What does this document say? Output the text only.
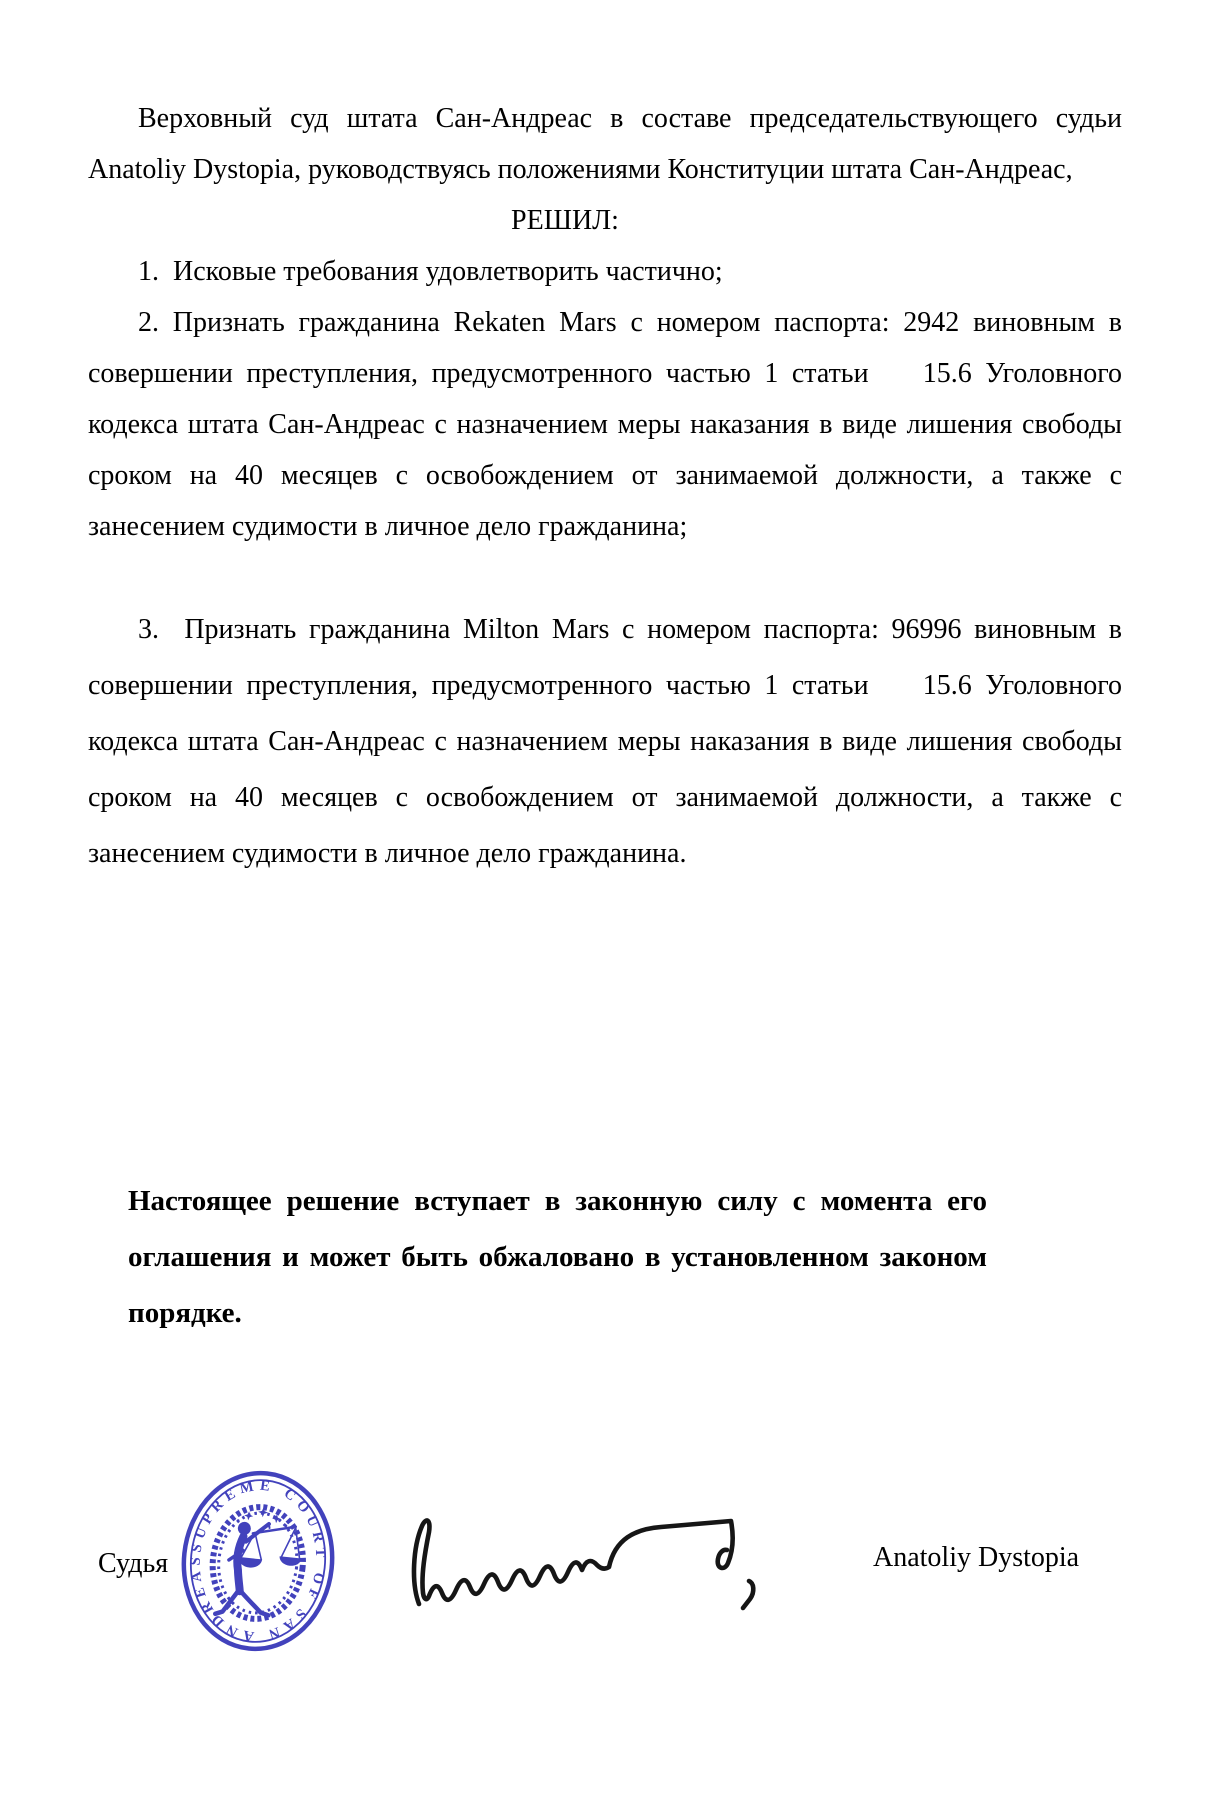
Верховный суд штата Сан-Андреас в составе председательствующего судьи Anatoliy Dystopia, руководствуясь положениями Конституции штата Сан-Андреас,

РЕШИЛ:

1.  Исковые требования удовлетворить частично;

2. Признать гражданина Rekaten Mars с номером паспорта: 2942 виновным в совершении преступления, предусмотренного частью 1 статьи    15.6 Уголовного кодекса штата Сан-Андреас с назначением меры наказания в виде лишения свободы сроком на 40 месяцев с освобождением от занимаемой должности, а также с занесением судимости в личное дело гражданина;

3.  Признать гражданина Milton Mars с номером паспорта: 96996 виновным в совершении преступления, предусмотренного частью 1 статьи    15.6 Уголовного кодекса штата Сан-Андреас с назначением меры наказания в виде лишения свободы сроком на 40 месяцев с освобождением от занимаемой должности, а также с занесением судимости в личное дело гражданина.

Настоящее решение вступает в законную силу с момента его оглашения и может быть обжаловано в установленном законом порядке.

Судья
SUPREME COURT OF SAN ANDREAS	Anatoliy Dystopia
